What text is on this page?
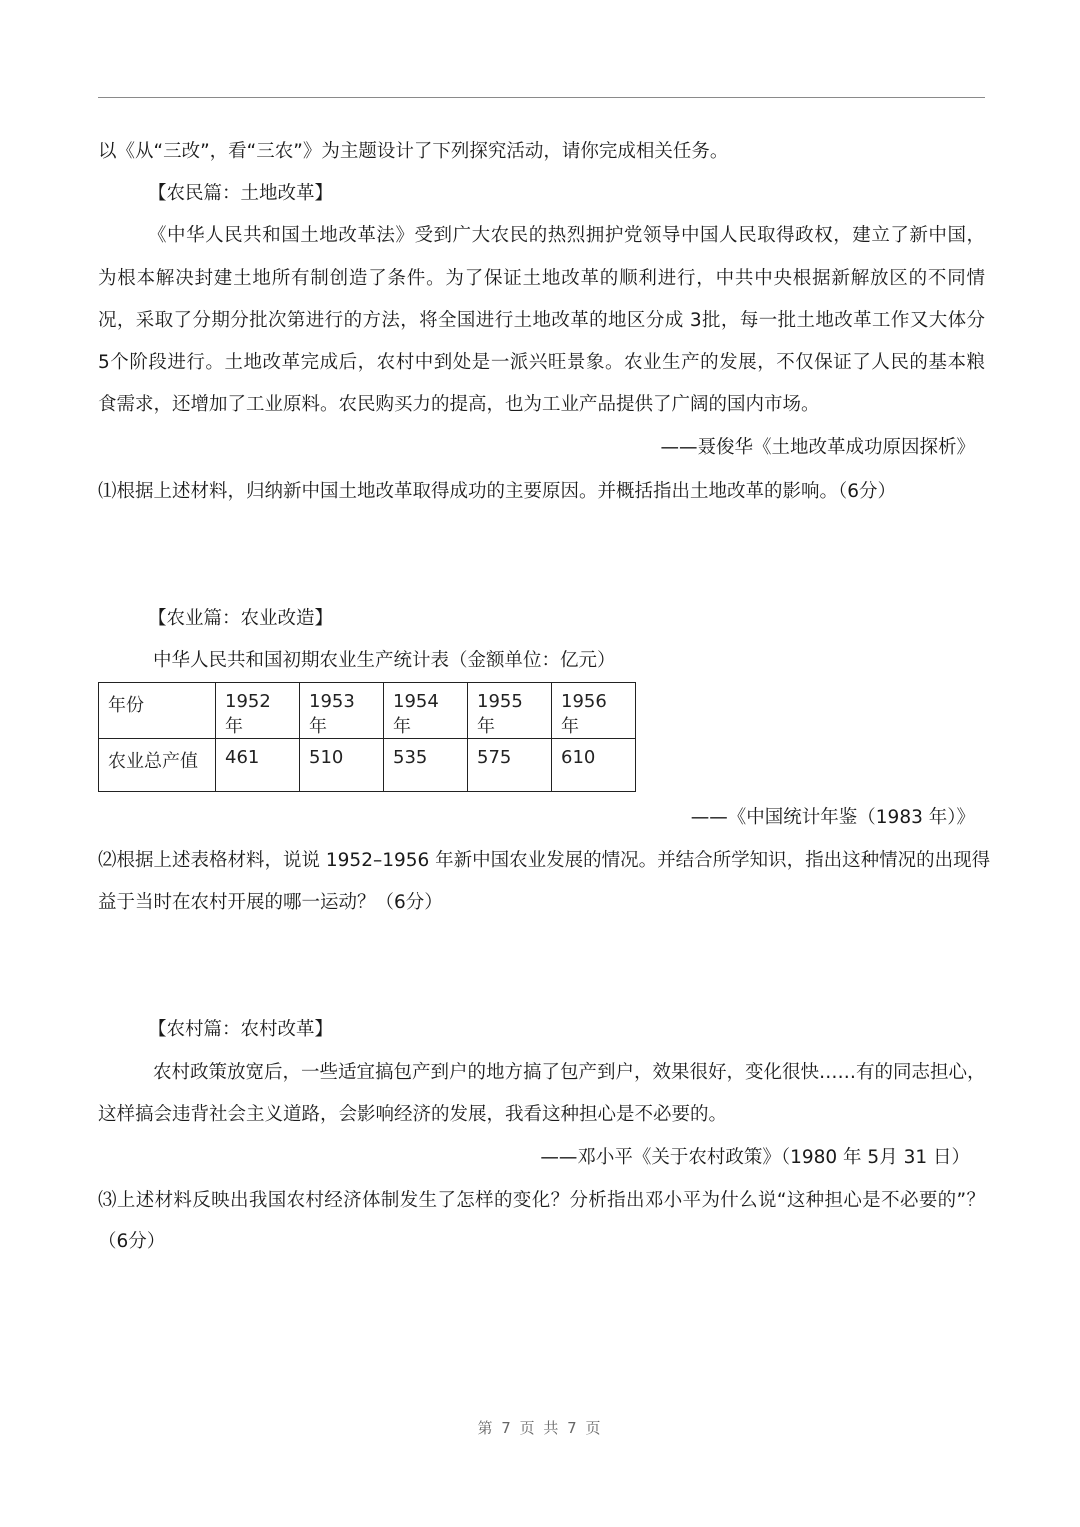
以《从“三改”，看“三农”》为主题设计了下列探究活动，请你完成相关任务。
【农民篇：土地改革】
《中华人民共和国土地改革法》受到广大农民的热烈拥护党领导中国人民取得政权，建立了新中国，
为根本解决封建土地所有制创造了条件。为了保证土地改革的顺利进行，中共中央根据新解放区的不同情
况，采取了分期分批次第进行的方法，将全国进行土地改革的地区分成 3批，每一批土地改革工作又大体分
5个阶段进行。土地改革完成后，农村中到处是一派兴旺景象。农业生产的发展，不仅保证了人民的基本粮
食需求，还增加了工业原料。农民购买力的提高，也为工业产品提供了广阔的国内市场。
——聂俊华《土地改革成功原因探析》
⑴根据上述材料，归纳新中国土地改革取得成功的主要原因。并概括指出土地改革的影响。（6分）
【农业篇：农业改造】
中华人民共和国初期农业生产统计表（金额单位：亿元）
年份	1952 年	1953 年	1954 年	1955 年	1956 年
农业总产值	461	510	535	575	610
——《中国统计年鉴（1983 年）》
⑵根据上述表格材料，说说 1952–1956 年新中国农业发展的情况。并结合所学知识，指出这种情况的出现得
益于当时在农村开展的哪一运动？（6分）
【农村篇：农村改革】
农村政策放宽后，一些适宜搞包产到户的地方搞了包产到户，效果很好，变化很快……有的同志担心，
这样搞会违背社会主义道路，会影响经济的发展，我看这种担心是不必要的。
——邓小平《关于农村政策》（1980 年 5月 31 日）
⑶上述材料反映出我国农村经济体制发生了怎样的变化？分析指出邓小平为什么说“这种担心是不必要的”？
（6分）
第 7 页 共 7 页
